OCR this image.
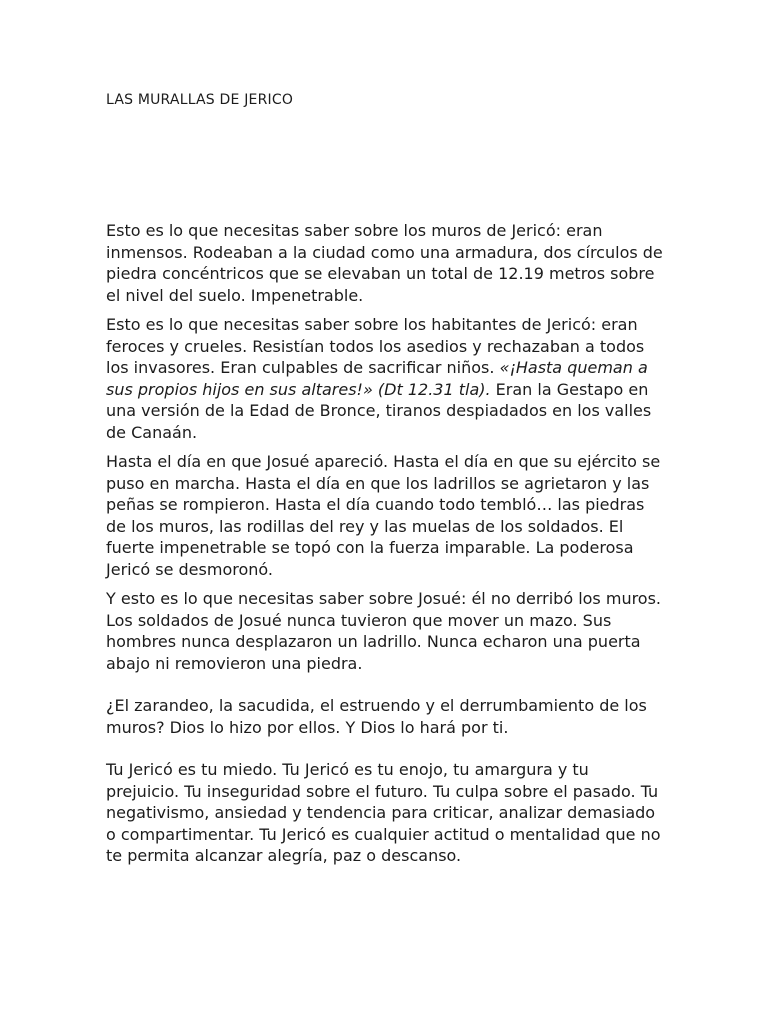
LAS MURALLAS DE JERICO

Esto es lo que necesitas saber sobre los muros de Jericó: eran inmensos. Rodeaban a la ciudad como una armadura, dos círculos de piedra concéntricos que se elevaban un total de 12.19 metros sobre el nivel del suelo. Impenetrable.

Esto es lo que necesitas saber sobre los habitantes de Jericó: eran feroces y crueles. Resistían todos los asedios y rechazaban a todos los invasores. Eran culpables de sacrificar niños. «¡Hasta queman a sus propios hijos en sus altares!» (Dt 12.31 tla). Eran la Gestapo en una versión de la Edad de Bronce, tiranos despiadados en los valles de Canaán.

Hasta el día en que Josué apareció. Hasta el día en que su ejército se puso en marcha. Hasta el día en que los ladrillos se agrietaron y las peñas se rompieron. Hasta el día cuando todo tembló… las piedras de los muros, las rodillas del rey y las muelas de los soldados. El fuerte impenetrable se topó con la fuerza imparable. La poderosa Jericó se desmoronó.

Y esto es lo que necesitas saber sobre Josué: él no derribó los muros. Los soldados de Josué nunca tuvieron que mover un mazo. Sus hombres nunca desplazaron un ladrillo. Nunca echaron una puerta abajo ni removieron una piedra.

¿El zarandeo, la sacudida, el estruendo y el derrumbamiento de los muros? Dios lo hizo por ellos. Y Dios lo hará por ti.

Tu Jericó es tu miedo. Tu Jericó es tu enojo, tu amargura y tu prejuicio. Tu inseguridad sobre el futuro. Tu culpa sobre el pasado. Tu negativismo, ansiedad y tendencia para criticar, analizar demasiado o compartimentar. Tu Jericó es cualquier actitud o mentalidad que no te permita alcanzar alegría, paz o descanso.
